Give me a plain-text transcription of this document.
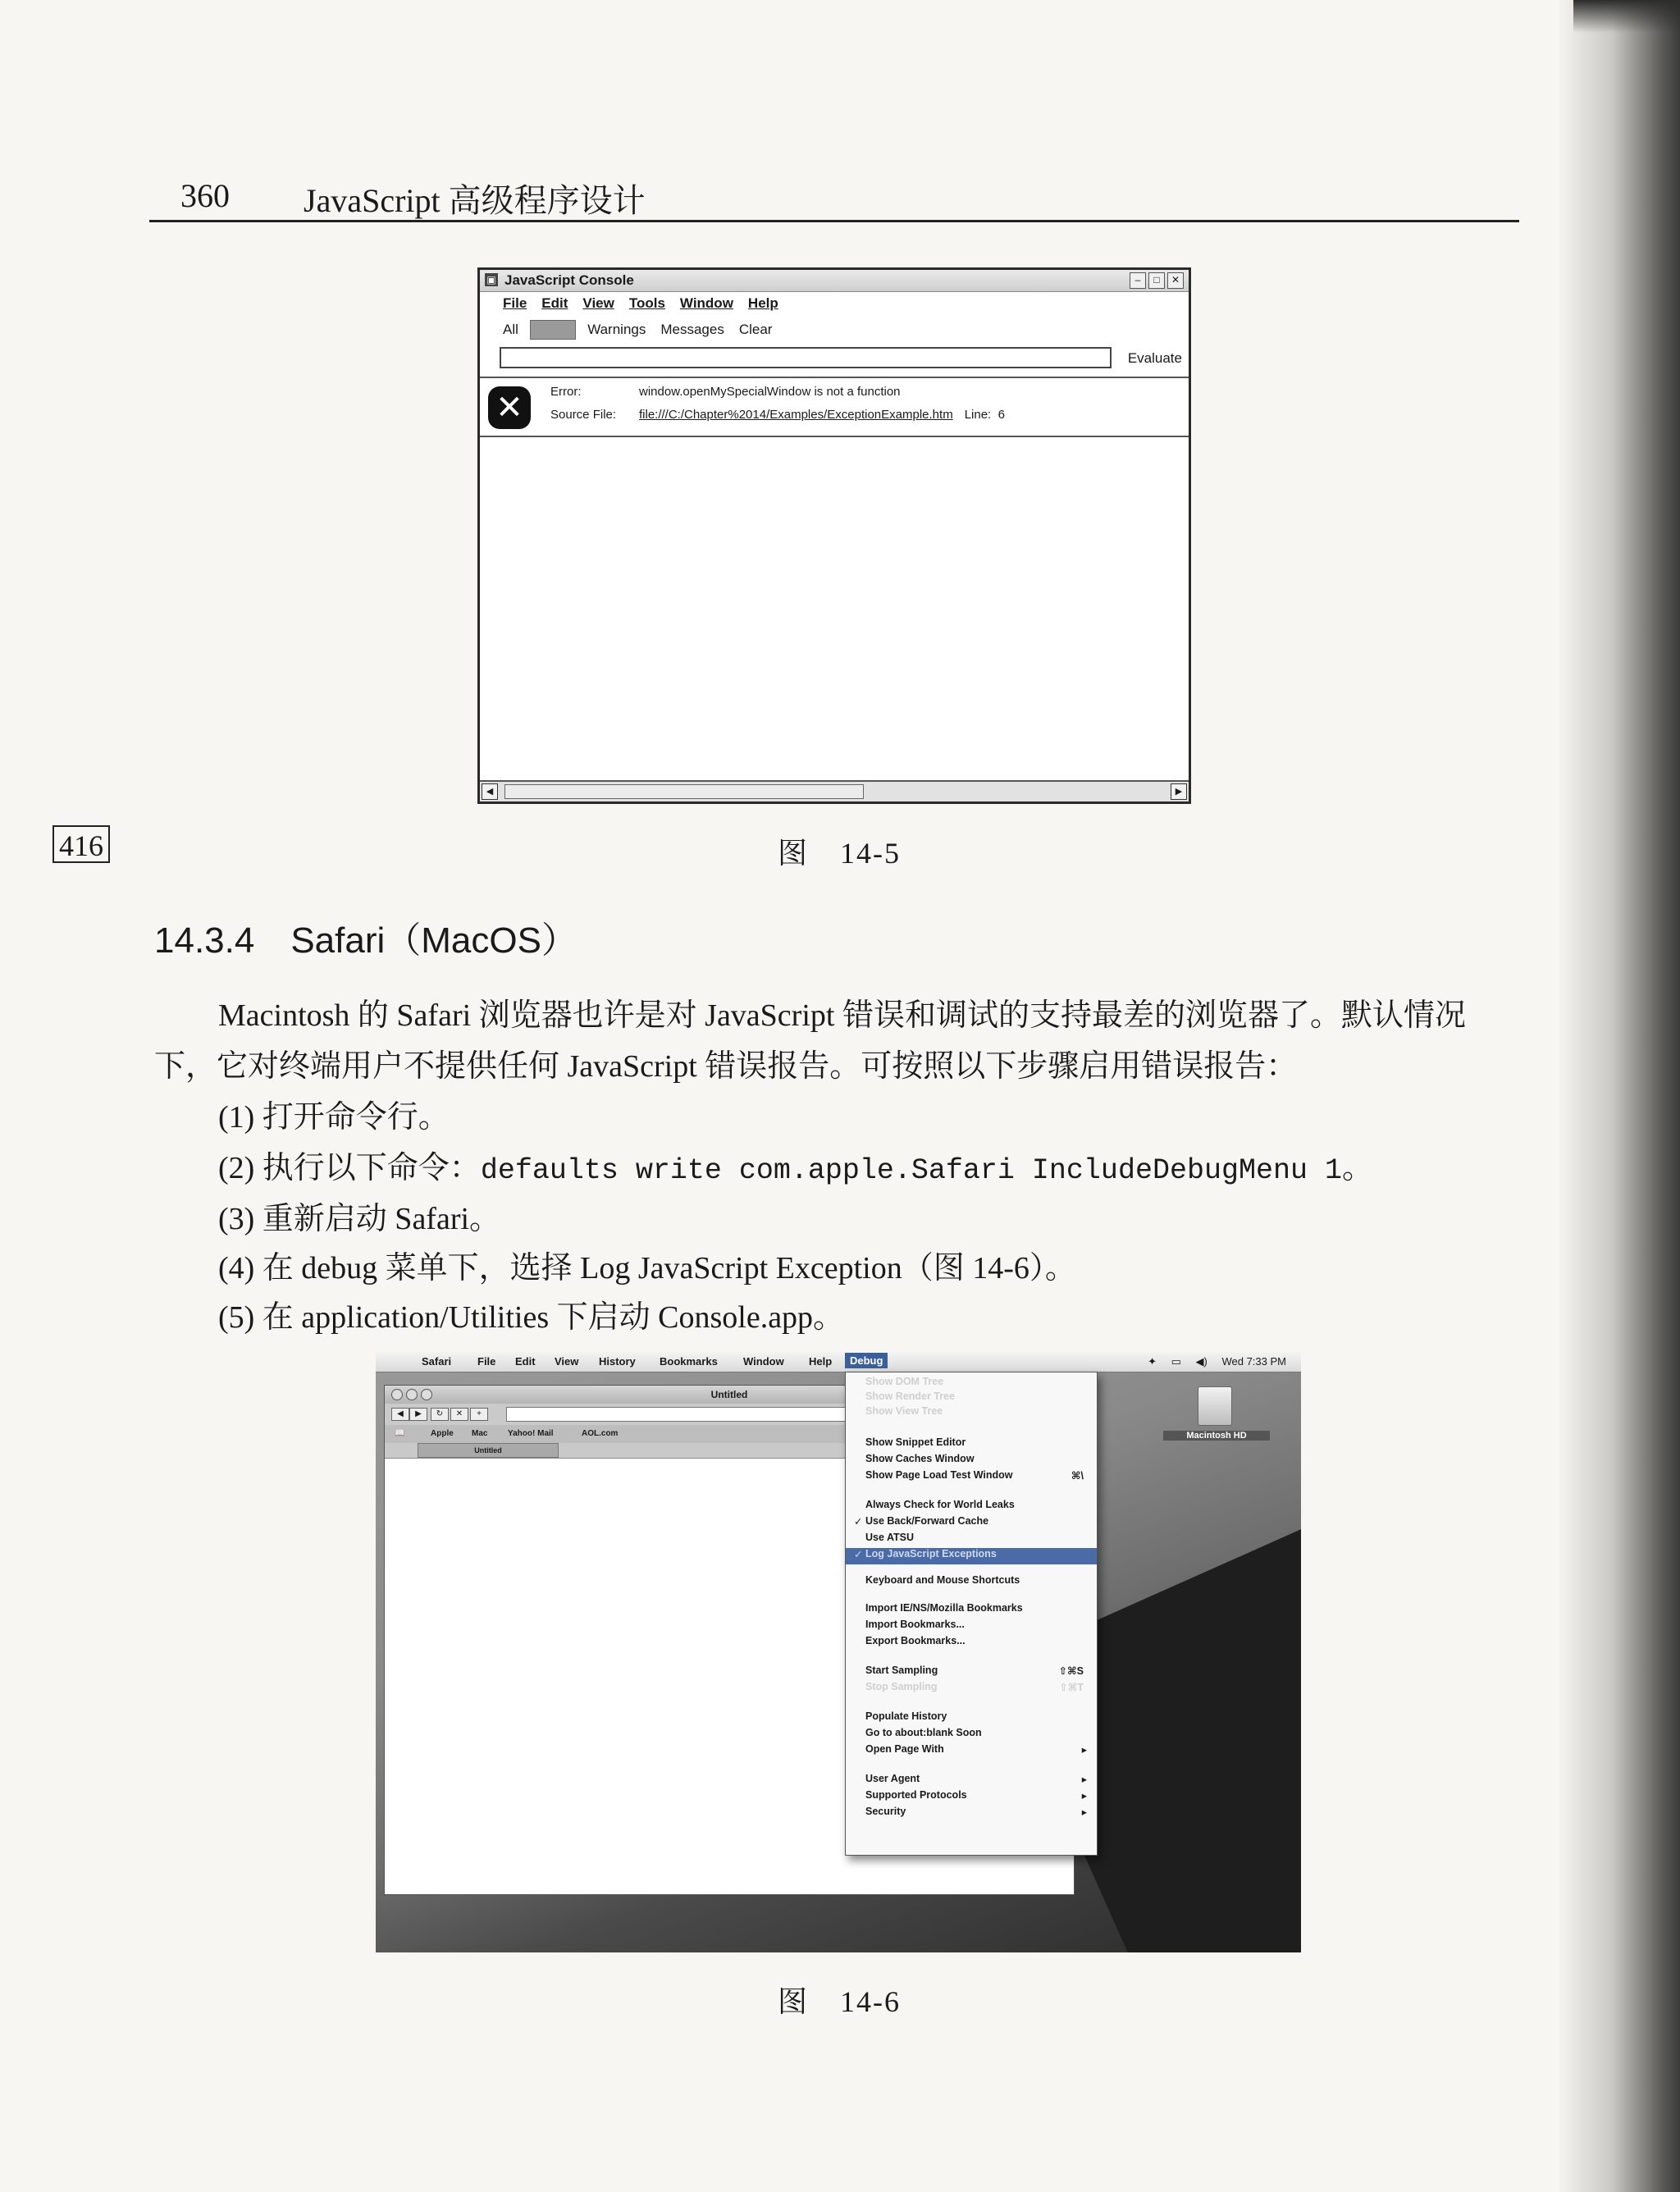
360 JavaScript 高级程序设计
416
▣ JavaScript Console	–	□	✕
File Edit View Tools Window Help
All Errors Warnings Messages Clear
Evaluate
✕	Error:	window.openMySpecialWindow is not a function
Source File: file:///C:/Chapter%2014/Examples/ExceptionExample.htm Line: 6
◀	▶
图　14-5
14.3.4　Safari（MacOS）
Macintosh 的 Safari 浏览器也许是对 JavaScript 错误和调试的支持最差的浏览器了。默认情况
下，它对终端用户不提供任何 JavaScript 错误报告。可按照以下步骤启用错误报告：
(1) 打开命令行。
(2) 执行以下命令：defaults write com.apple.Safari IncludeDebugMenu 1。
(3) 重新启动 Safari。
(4) 在 debug 菜单下，选择 Log JavaScript Exception（图 14-6）。
(5) 在 application/Utilities 下启动 Console.app。
Safari File Edit View History Bookmarks Window Help	Debug	✦ ▭ ◀) Wed 7:33 PM
Untitled
◀	▶	↻	✕	+
📖	Apple Mac Yahoo! Mail	AOL.com
Untitled
Macintosh HD
Show DOM Tree
Show Render Tree
Show View Tree
Show Snippet Editor
Show Caches Window
Show Page Load Test Window	⌘\
Always Check for World Leaks
✓ Use Back/Forward Cache
Use ATSU
✓ Log JavaScript Exceptions
Keyboard and Mouse Shortcuts
Import IE/NS/Mozilla Bookmarks
Import Bookmarks...
Export Bookmarks...
Start Sampling	⇧⌘S
Stop Sampling	⇧⌘T
Populate History
Go to about:blank Soon
Open Page With	▸
User Agent	▸
Supported Protocols	▸
Security	▸
图　14-6
